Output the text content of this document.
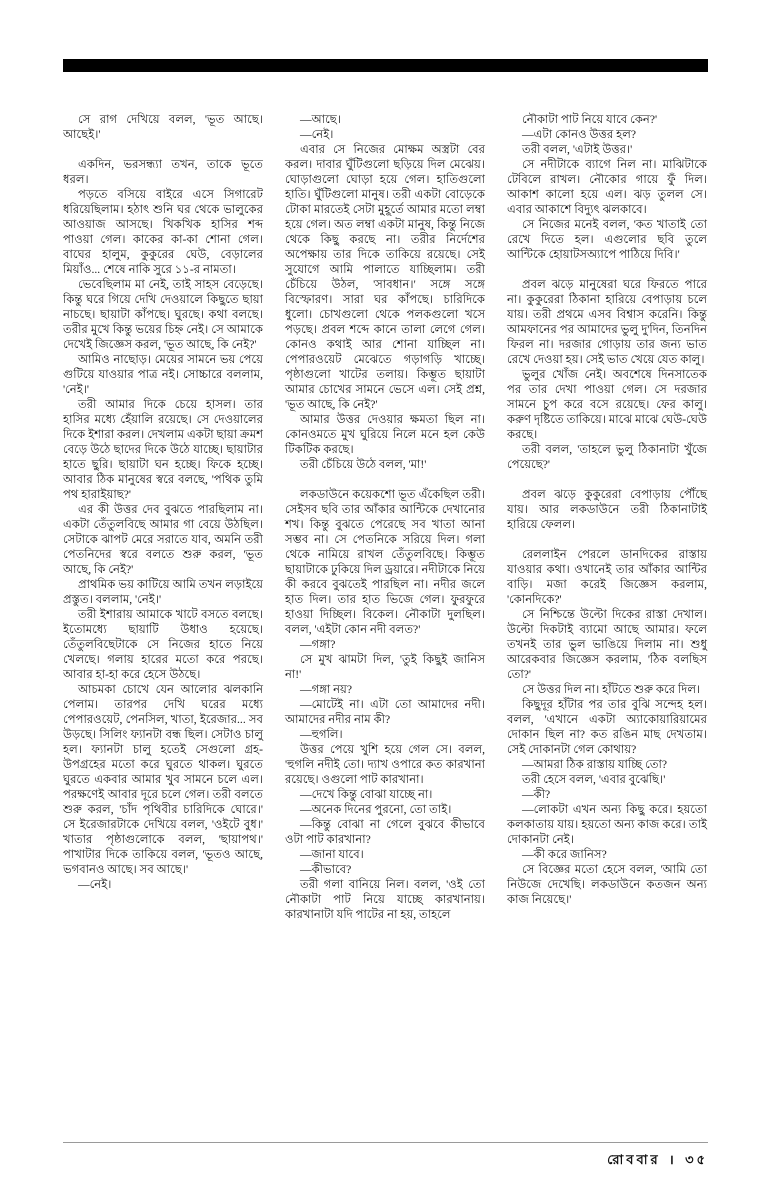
সে রাগ দেখিয়ে বলল, 'ভূত আছে। আছেই।'

একদিন, ভরসন্ধ্যা তখন, তাকে ভূতে ধরল।

পড়তে বসিয়ে বাইরে এসে সিগারেট ধরিয়েছিলাম। হঠাৎ শুনি ঘর থেকে ভালুকের আওয়াজ আসছে। খিকখিক হাসির শব্দ পাওয়া গেল। কাকের কা-কা শোনা গেল। বাঘের হালুম, কুকুরের ঘেউ, বেড়ালের মিয়াঁও... শেষে নাকি সুরে ১১-র নামতা।

ভেবেছিলাম মা নেই, তাই সাহস বেড়েছে। কিন্তু ঘরে গিয়ে দেখি দেওয়ালে কিছুতে ছায়া নাচছে। ছায়াটা কাঁপছে। ঘুরছে। কথা বলছে। তরীর মুখে কিন্তু ভয়ের চিহ্ন নেই। সে আমাকে দেখেই জিজ্ঞেস করল, 'ভূত আছে, কি নেই?'

আমিও নাছোড়। মেয়ের সামনে ভয় পেয়ে গুটিয়ে যাওয়ার পাত্র নই। সোচ্চারে বললাম, 'নেই।'

তরী আমার দিকে চেয়ে হাসল। তার হাসির মধ্যে হেঁয়ালি রয়েছে। সে দেওয়ালের দিকে ইশারা করল। দেখলাম একটা ছায়া ক্রমশ বেড়ে উঠে ছাদের দিকে উঠে যাচ্ছে। ছায়াটার হাতে ছুরি। ছায়াটা ঘন হচ্ছে। ফিকে হচ্ছে। আবার ঠিক মানুষের স্বরে বলছে, 'পথিক তুমি পথ হারাইয়াছ?'

এর কী উত্তর দেব বুঝতে পারছিলাম না। একটা তেঁতুলবিছে আমার গা বেয়ে উঠছিল। সেটাকে ঝাপট মেরে সরাতে যাব, অমনি তরী পেতনিদের স্বরে বলতে শুরু করল, 'ভূত আছে, কি নেই?'

প্রাথমিক ভয় কাটিয়ে আমি তখন লড়াইয়ে প্রস্তুত। বললাম, 'নেই।'

তরী ইশারায় আমাকে খাটে বসতে বলছে। ইতোমধ্যে ছায়াটি উধাও হয়েছে। তেঁতুলবিছেটাকে সে নিজের হাতে নিয়ে খেলছে। গলায় হারের মতো করে পরছে। আবার হা-হা করে হেসে উঠছে।

আচমকা চোখে যেন আলোর ঝলকানি পেলাম। তারপর দেখি ঘরের মধ্যে পেপারওয়েট, পেনসিল, খাতা, ইরেজার... সব উড়ছে। সিলিং ফ্যানটা বন্ধ ছিল। সেটাও চালু হল। ফ্যানটা চালু হতেই সেগুলো গ্রহ-উপগ্রহের মতো করে ঘুরতে থাকল। ঘুরতে ঘুরতে একবার আমার খুব সামনে চলে এল। পরক্ষণেই আবার দূরে চলে গেল। তরী বলতে শুরু করল, 'চাঁদ পৃথিবীর চারিদিকে ঘোরে।' সে ইরেজারটাকে দেখিয়ে বলল, 'ওইটে বুধ।' খাতার পৃষ্ঠাগুলোকে বলল, 'ছায়াপথ।' পাখাটার দিকে তাকিয়ে বলল, 'ভূতও আছে, ভগবানও আছে। সব আছে।'

—নেই।

—আছে।

—নেই।

এবার সে নিজের মোক্ষম অস্ত্রটা বের করল। দাবার ঘুঁটিগুলো ছড়িয়ে দিল মেঝেয়। ঘোড়াগুলো ঘোড়া হয়ে গেল। হাতিগুলো হাতি। ঘুঁটিগুলো মানুষ। তরী একটা বোড়েকে টোকা মারতেই সেটা মুহূর্তে আমার মতো লম্বা হয়ে গেল। অত লম্বা একটা মানুষ, কিন্তু নিজে থেকে কিছু করছে না। তরীর নির্দেশের অপেক্ষায় তার দিকে তাকিয়ে রয়েছে। সেই সুযোগে আমি পালাতে যাচ্ছিলাম। তরী চেঁচিয়ে উঠল, 'সাবধান।' সঙ্গে সঙ্গে বিস্ফোরণ। সারা ঘর কাঁপছে। চারিদিকে ধুলো। চোখগুলো থেকে পলকগুলো খসে পড়ছে। প্রবল শব্দে কানে তালা লেগে গেল। কোনও কথাই আর শোনা যাচ্ছিল না। পেপারওয়েট মেঝেতে গড়াগড়ি খাচ্ছে। পৃষ্ঠাগুলো খাটের তলায়। কিম্ভূত ছায়াটা আমার চোখের সামনে ভেসে এল। সেই প্রশ্ন, 'ভূত আছে, কি নেই?'

আমার উত্তর দেওয়ার ক্ষমতা ছিল না। কোনওমতে মুখ ঘুরিয়ে নিলে মনে হল কেউ টিকটিক করছে।

তরী চেঁচিয়ে উঠে বলল, 'মা!'

লকডাউনে কয়েকশো ভূত এঁকেছিল তরী। সেইসব ছবি তার আঁকার আন্টিকে দেখানোর শখ। কিন্তু বুঝতে পেরেছে সব খাতা আনা সম্ভব না। সে পেতনিকে সরিয়ে দিল। গলা থেকে নামিয়ে রাখল তেঁতুলবিছে। কিম্ভূত ছায়াটাকে ঢুকিয়ে দিল ড্রয়ারে। নদীটাকে নিয়ে কী করবে বুঝতেই পারছিল না। নদীর জলে হাত দিল। তার হাত ভিজে গেল। ফুরফুরে হাওয়া দিচ্ছিল। বিকেল। নৌকাটা দুলছিল। বলল, 'এইটা কোন নদী বলত?'

—গঙ্গা?

সে মুখ ঝামটা দিল, 'তুই কিছুই জানিস না!'

—গঙ্গা নয়?

—মোটেই না। এটা তো আমাদের নদী। আমাদের নদীর নাম কী?

—হুগলি।

উত্তর পেয়ে খুশি হয়ে গেল সে। বলল, 'হুগলি নদীই তো। দ্যাখ ওপারে কত কারখানা রয়েছে। ওগুলো পাট কারখানা।

—দেখে কিন্তু বোঝা যাচ্ছে না।

—অনেক দিনের পুরনো, তো তাই।

—কিন্তু বোঝা না গেলে বুঝবে কীভাবে ওটা পাট কারখানা?

—জানা যাবে।

—কীভাবে?

তরী গলা বানিয়ে নিল। বলল, 'ওই তো নৌকাটা পাট নিয়ে যাচ্ছে কারখানায়। কারখানাটা যদি পাটের না হয়, তাহলে

নৌকাটা পাট নিয়ে যাবে কেন?'

—এটা কোনও উত্তর হল?

তরী বলল, 'এটাই উত্তর।'

সে নদীটাকে ব্যাগে নিল না। মাঝিটাকে টেবিলে রাখল। নৌকোর গায়ে ফুঁ দিল। আকাশ কালো হয়ে এল। ঝড় তুলল সে। এবার আকাশে বিদ্যুৎ ঝলকাবে।

সে নিজের মনেই বলল, 'কত খাতাই তো রেখে দিতে হল। এগুলোর ছবি তুলে আন্টিকে হোয়াটসঅ্যাপে পাঠিয়ে দিবি।'

প্রবল ঝড়ে মানুষেরা ঘরে ফিরতে পারে না। কুকুরেরা ঠিকানা হারিয়ে বেপাড়ায় চলে যায়। তরী প্রথমে এসব বিশ্বাস করেনি। কিন্তু আমফানের পর আমাদের ভুলু দু'দিন, তিনদিন ফিরল না। দরজার গোড়ায় তার জন্য ভাত রেখে দেওয়া হয়। সেই ভাত খেয়ে যেত কালু।

ভুলুর খোঁজ নেই। অবশেষে দিনসাতেক পর তার দেখা পাওয়া গেল। সে দরজার সামনে চুপ করে বসে রয়েছে। ফের কালু। করুণ দৃষ্টিতে তাকিয়ে। মাঝে মাঝে ঘেউ-ঘেউ করছে।

তরী বলল, 'তাহলে ভুলু ঠিকানাটা খুঁজে পেয়েছে?'

প্রবল ঝড়ে কুকুরেরা বেপাড়ায় পৌঁছে যায়। আর লকডাউনে তরী ঠিকানাটাই হারিয়ে ফেলল।

রেললাইন পেরলে ডানদিকের রাস্তায় যাওয়ার কথা। ওখানেই তার আঁকার আন্টির বাড়ি। মজা করেই জিজ্ঞেস করলাম, 'কোনদিকে?'

সে নিশ্চিন্তে উল্টো দিকের রাস্তা দেখাল। উল্টো দিকটাই ব্যামো আছে আমার। ফলে তখনই তার ভুল ভাঙিয়ে দিলাম না। শুধু আরেকবার জিজ্ঞেস করলাম, 'ঠিক বলছিস তো?'

সে উত্তর দিল না। হাঁটতে শুরু করে দিল।

কিছুদূর হাঁটার পর তার বুঝি সন্দেহ হল। বলল, 'এখানে একটা অ্যাকোয়ারিয়ামের দোকান ছিল না? কত রঙিন মাছ দেখতাম। সেই দোকানটা গেল কোথায়?

—আমরা ঠিক রাস্তায় যাচ্ছি তো?

তরী হেসে বলল, 'এবার বুঝেছি।'

—কী?

—লোকটা এখন অন্য কিছু করে। হয়তো কলকাতায় যায়। হয়তো অন্য কাজ করে। তাই দোকানটা নেই।

—কী করে জানিস?

সে বিজ্ঞের মতো হেসে বলল, 'আমি তো নিউজে দেখেছি। লকডাউনে কতজন অন্য কাজ নিয়েছে।'

রোববার । ৩৫
